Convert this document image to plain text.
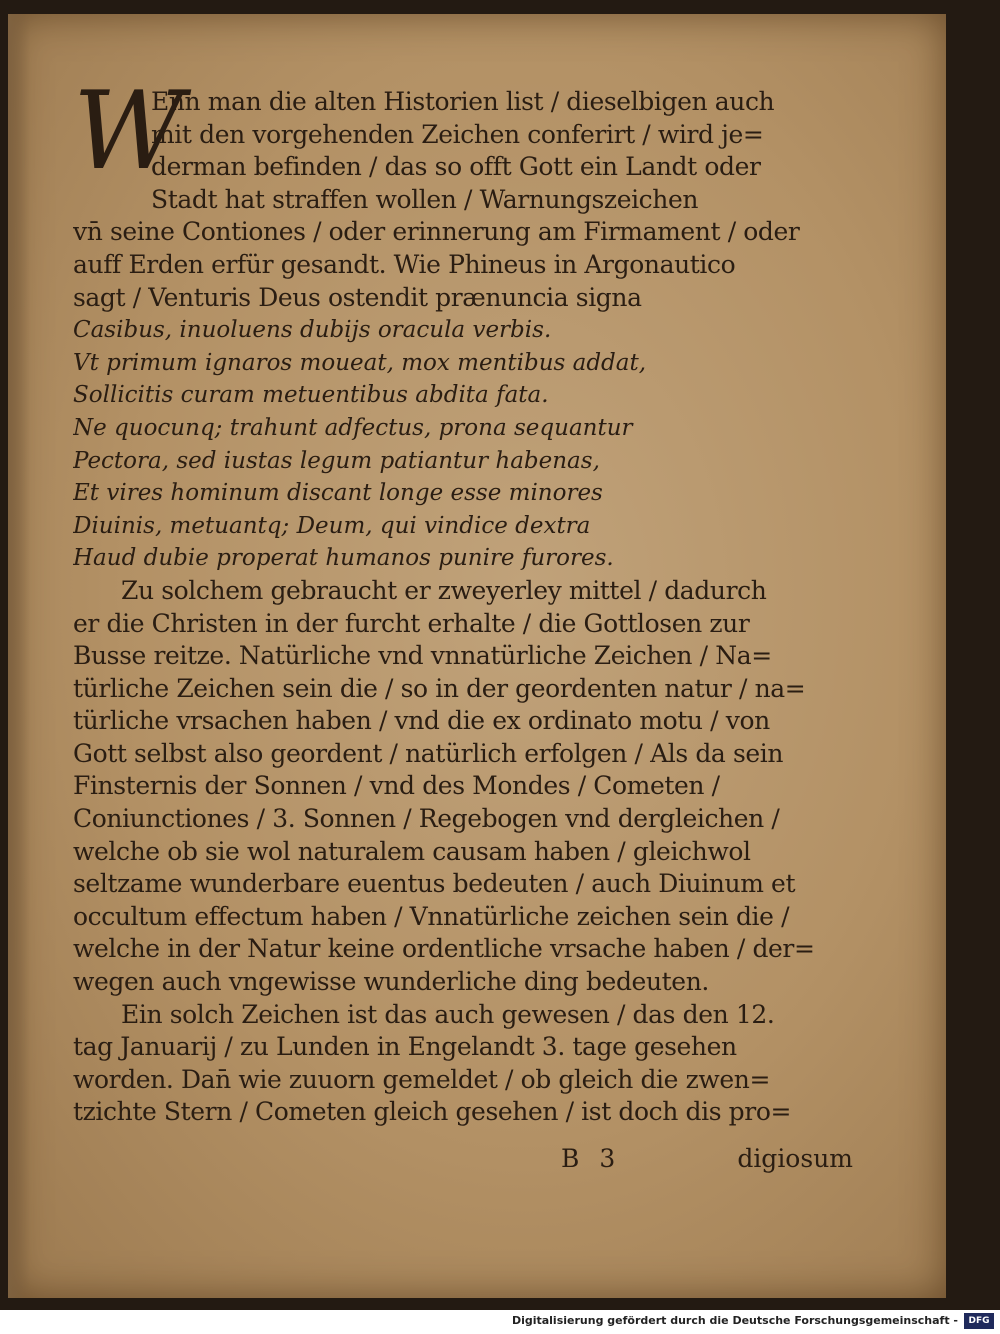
W
Enn man die alten Historien list / dieselbigen auch
mit den vorgehenden Zeichen conferirt / wird je=
derman befinden / das so offt Gott ein Landt oder
Stadt hat straffen wollen / Warnungszeichen
vn̄ seine Contiones / oder erinnerung am Firmament / oder
auff Erden erfür gesandt. Wie Phineus in Argonautico
sagt / Venturis Deus ostendit prænuncia signa
Casibus, inuoluens dubijs oracula verbis.
Vt primum ignaros moueat, mox mentibus addat,
Sollicitis curam metuentibus abdita fata.
Ne quocunq; trahunt adfectus, prona sequantur
Pectora, sed iustas legum patiantur habenas,
Et vires hominum discant longe esse minores
Diuinis, metuantq; Deum, qui vindice dextra
Haud dubie properat humanos punire furores.
Zu solchem gebraucht er zweyerley mittel / dadurch
er die Christen in der furcht erhalte / die Gottlosen zur
Busse reitze. Natürliche vnd vnnatürliche Zeichen / Na=
türliche Zeichen sein die / so in der geordenten natur / na=
türliche vrsachen haben / vnd die ex ordinato motu / von
Gott selbst also geordent / natürlich erfolgen / Als da sein
Finsternis der Sonnen / vnd des Mondes / Cometen /
Coniunctiones / 3. Sonnen / Regebogen vnd dergleichen /
welche ob sie wol naturalem causam haben / gleichwol
seltzame wunderbare euentus bedeuten / auch Diuinum et
occultum effectum haben / Vnnatürliche zeichen sein die /
welche in der Natur keine ordentliche vrsache haben / der=
wegen auch vngewisse wunderliche ding bedeuten.
Ein solch Zeichen ist das auch gewesen / das den 12.
tag Januarij / zu Lunden in Engelandt 3. tage gesehen
worden. Dan̄ wie zuuorn gemeldet / ob gleich die zwen=
tzichte Stern / Cometen gleich gesehen / ist doch dis pro=
B 3	digiosum
Digitalisierung gefördert durch die Deutsche Forschungsgemeinschaft -	DFG
